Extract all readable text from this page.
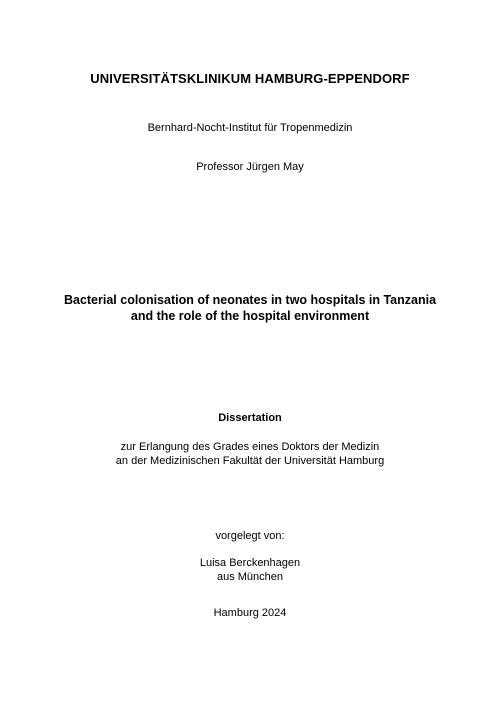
UNIVERSITÄTSKLINIKUM HAMBURG-EPPENDORF
Bernhard-Nocht-Institut für Tropenmedizin
Professor Jürgen May
Bacterial colonisation of neonates in two hospitals in Tanzania
and the role of the hospital environment
Dissertation
zur Erlangung des Grades eines Doktors der Medizin
an der Medizinischen Fakultät der Universität Hamburg
vorgelegt von:
Luisa Berckenhagen
aus München
Hamburg 2024
